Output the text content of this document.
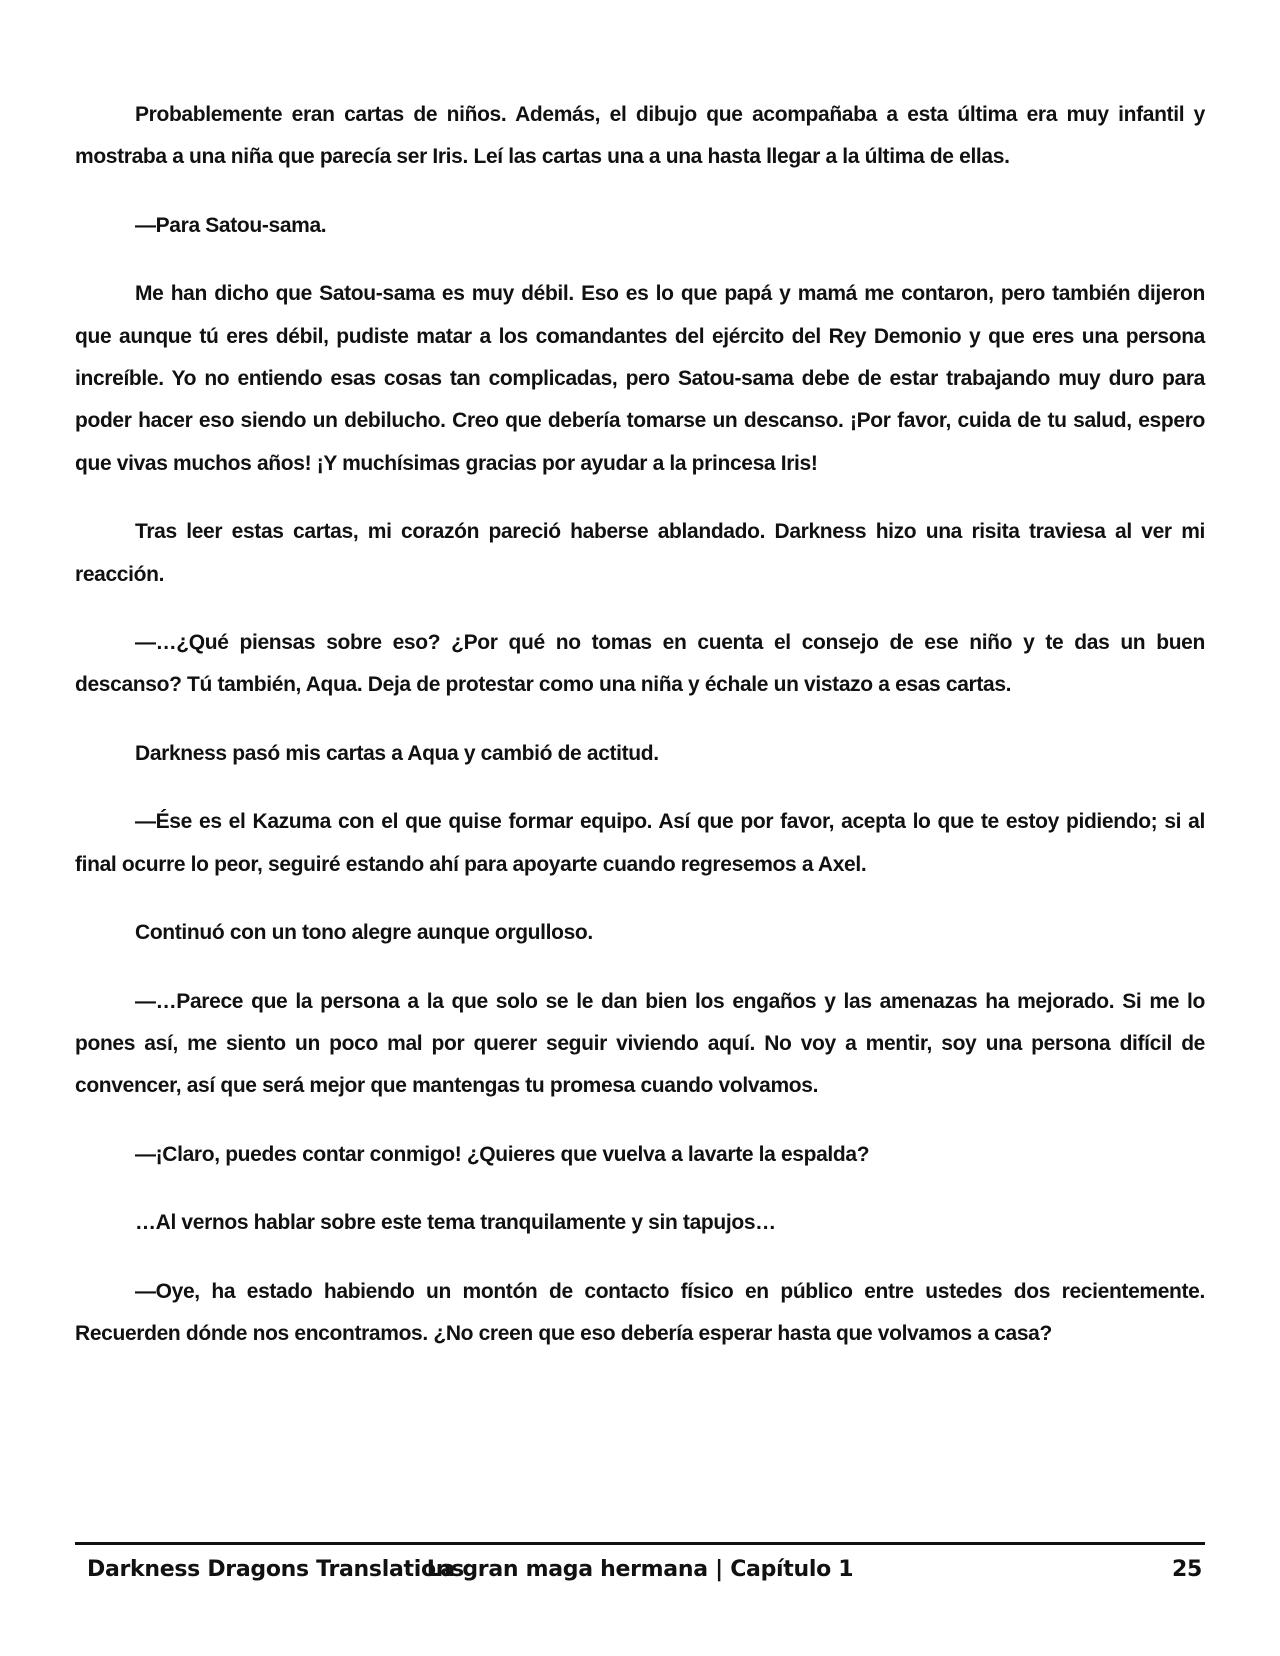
Probablemente eran cartas de niños. Además, el dibujo que acompañaba a esta última era muy infantil y mostraba a una niña que parecía ser Iris. Leí las cartas una a una hasta llegar a la última de ellas.

—Para Satou-sama.

Me han dicho que Satou-sama es muy débil. Eso es lo que papá y mamá me contaron, pero también dijeron que aunque tú eres débil, pudiste matar a los comandantes del ejército del Rey Demonio y que eres una persona increíble. Yo no entiendo esas cosas tan complicadas, pero Satou-sama debe de estar trabajando muy duro para poder hacer eso siendo un debilucho. Creo que debería tomarse un descanso. ¡Por favor, cuida de tu salud, espero que vivas muchos años! ¡Y muchísimas gracias por ayudar a la princesa Iris!

Tras leer estas cartas, mi corazón pareció haberse ablandado. Darkness hizo una risita traviesa al ver mi reacción.

—…¿Qué piensas sobre eso? ¿Por qué no tomas en cuenta el consejo de ese niño y te das un buen descanso? Tú también, Aqua. Deja de protestar como una niña y échale un vistazo a esas cartas.

Darkness pasó mis cartas a Aqua y cambió de actitud.

—Ése es el Kazuma con el que quise formar equipo. Así que por favor, acepta lo que te estoy pidiendo; si al final ocurre lo peor, seguiré estando ahí para apoyarte cuando regresemos a Axel.

Continuó con un tono alegre aunque orgulloso.

—…Parece que la persona a la que solo se le dan bien los engaños y las amenazas ha mejorado. Si me lo pones así, me siento un poco mal por querer seguir viviendo aquí. No voy a mentir, soy una persona difícil de convencer, así que será mejor que mantengas tu promesa cuando volvamos.

—¡Claro, puedes contar conmigo! ¿Quieres que vuelva a lavarte la espalda?

…Al vernos hablar sobre este tema tranquilamente y sin tapujos…

—Oye, ha estado habiendo un montón de contacto físico en público entre ustedes dos recientemente. Recuerden dónde nos encontramos. ¿No creen que eso debería esperar hasta que volvamos a casa?

Darkness Dragons Translations
La gran maga hermana | Capítulo 1	25
